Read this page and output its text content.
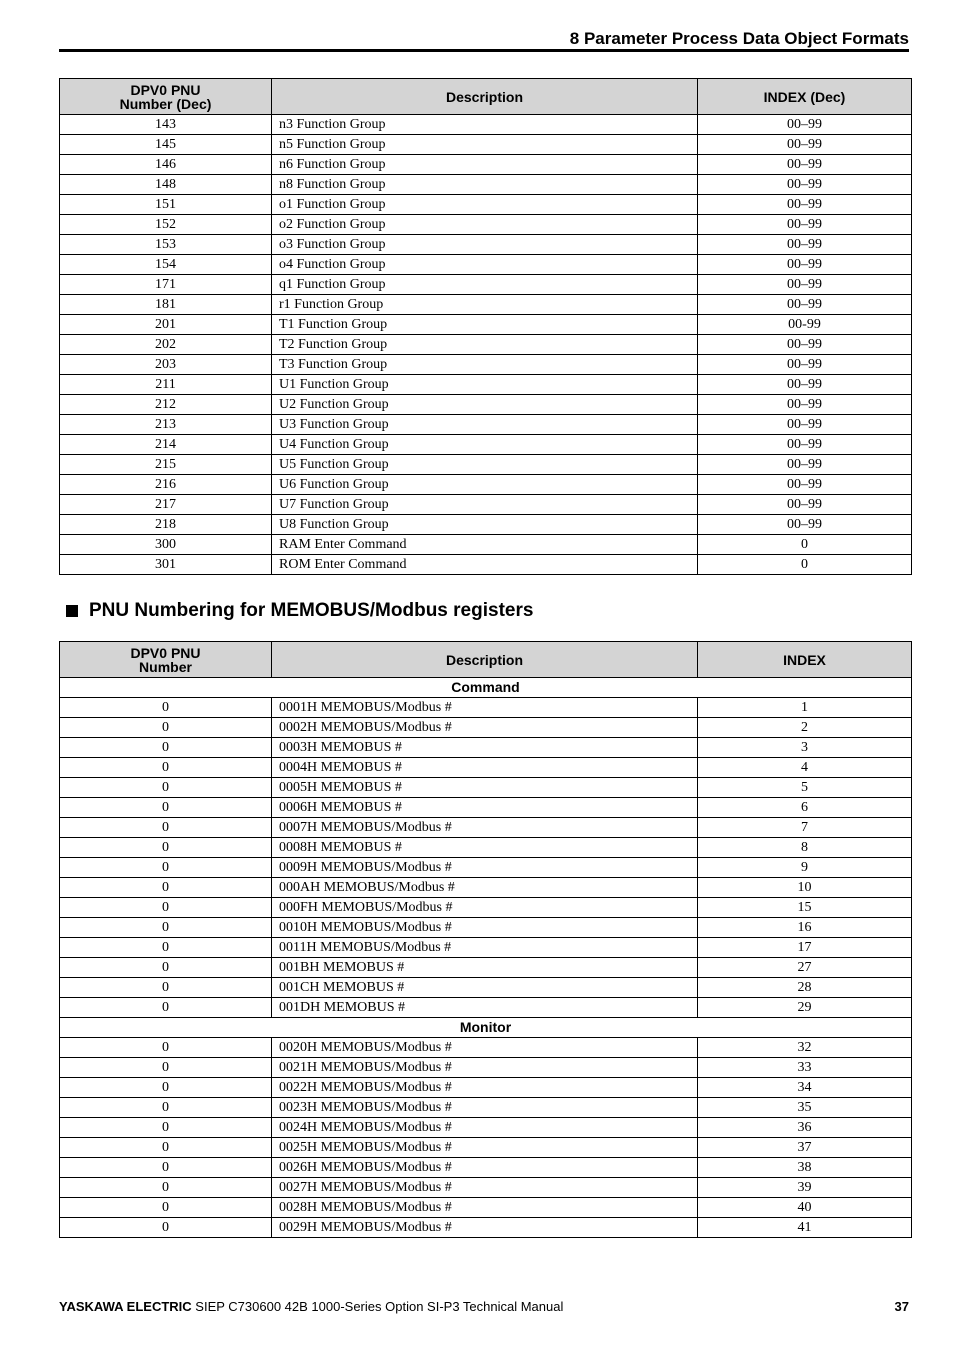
8 Parameter Process Data Object Formats
DPV0 PNU
Number (Dec)	Description	INDEX (Dec)
143	n3 Function Group	00–99
145	n5 Function Group	00–99
146	n6 Function Group	00–99
148	n8 Function Group	00–99
151	o1 Function Group	00–99
152	o2 Function Group	00–99
153	o3 Function Group	00–99
154	o4 Function Group	00–99
171	q1 Function Group	00–99
181	r1 Function Group	00–99
201	T1 Function Group	00-99
202	T2 Function Group	00–99
203	T3 Function Group	00–99
211	U1 Function Group	00–99
212	U2 Function Group	00–99
213	U3 Function Group	00–99
214	U4 Function Group	00–99
215	U5 Function Group	00–99
216	U6 Function Group	00–99
217	U7 Function Group	00–99
218	U8 Function Group	00–99
300	RAM Enter Command	0
301	ROM Enter Command	0
PNU Numbering for MEMOBUS/Modbus registers
DPV0 PNU
Number	Description	INDEX
Command		
0	0001H MEMOBUS/Modbus #	1
0	0002H MEMOBUS/Modbus #	2
0	0003H MEMOBUS #	3
0	0004H MEMOBUS #	4
0	0005H MEMOBUS #	5
0	0006H MEMOBUS #	6
0	0007H MEMOBUS/Modbus #	7
0	0008H MEMOBUS #	8
0	0009H MEMOBUS/Modbus #	9
0	000AH MEMOBUS/Modbus #	10
0	000FH MEMOBUS/Modbus #	15
0	0010H MEMOBUS/Modbus #	16
0	0011H MEMOBUS/Modbus #	17
0	001BH MEMOBUS #	27
0	001CH MEMOBUS #	28
0	001DH MEMOBUS #	29
Monitor		
0	0020H MEMOBUS/Modbus #	32
0	0021H MEMOBUS/Modbus #	33
0	0022H MEMOBUS/Modbus #	34
0	0023H MEMOBUS/Modbus #	35
0	0024H MEMOBUS/Modbus #	36
0	0025H MEMOBUS/Modbus #	37
0	0026H MEMOBUS/Modbus #	38
0	0027H MEMOBUS/Modbus #	39
0	0028H MEMOBUS/Modbus #	40
0	0029H MEMOBUS/Modbus #	41
YASKAWA ELECTRIC SIEP C730600 42B 1000-Series Option SI-P3 Technical Manual	37
